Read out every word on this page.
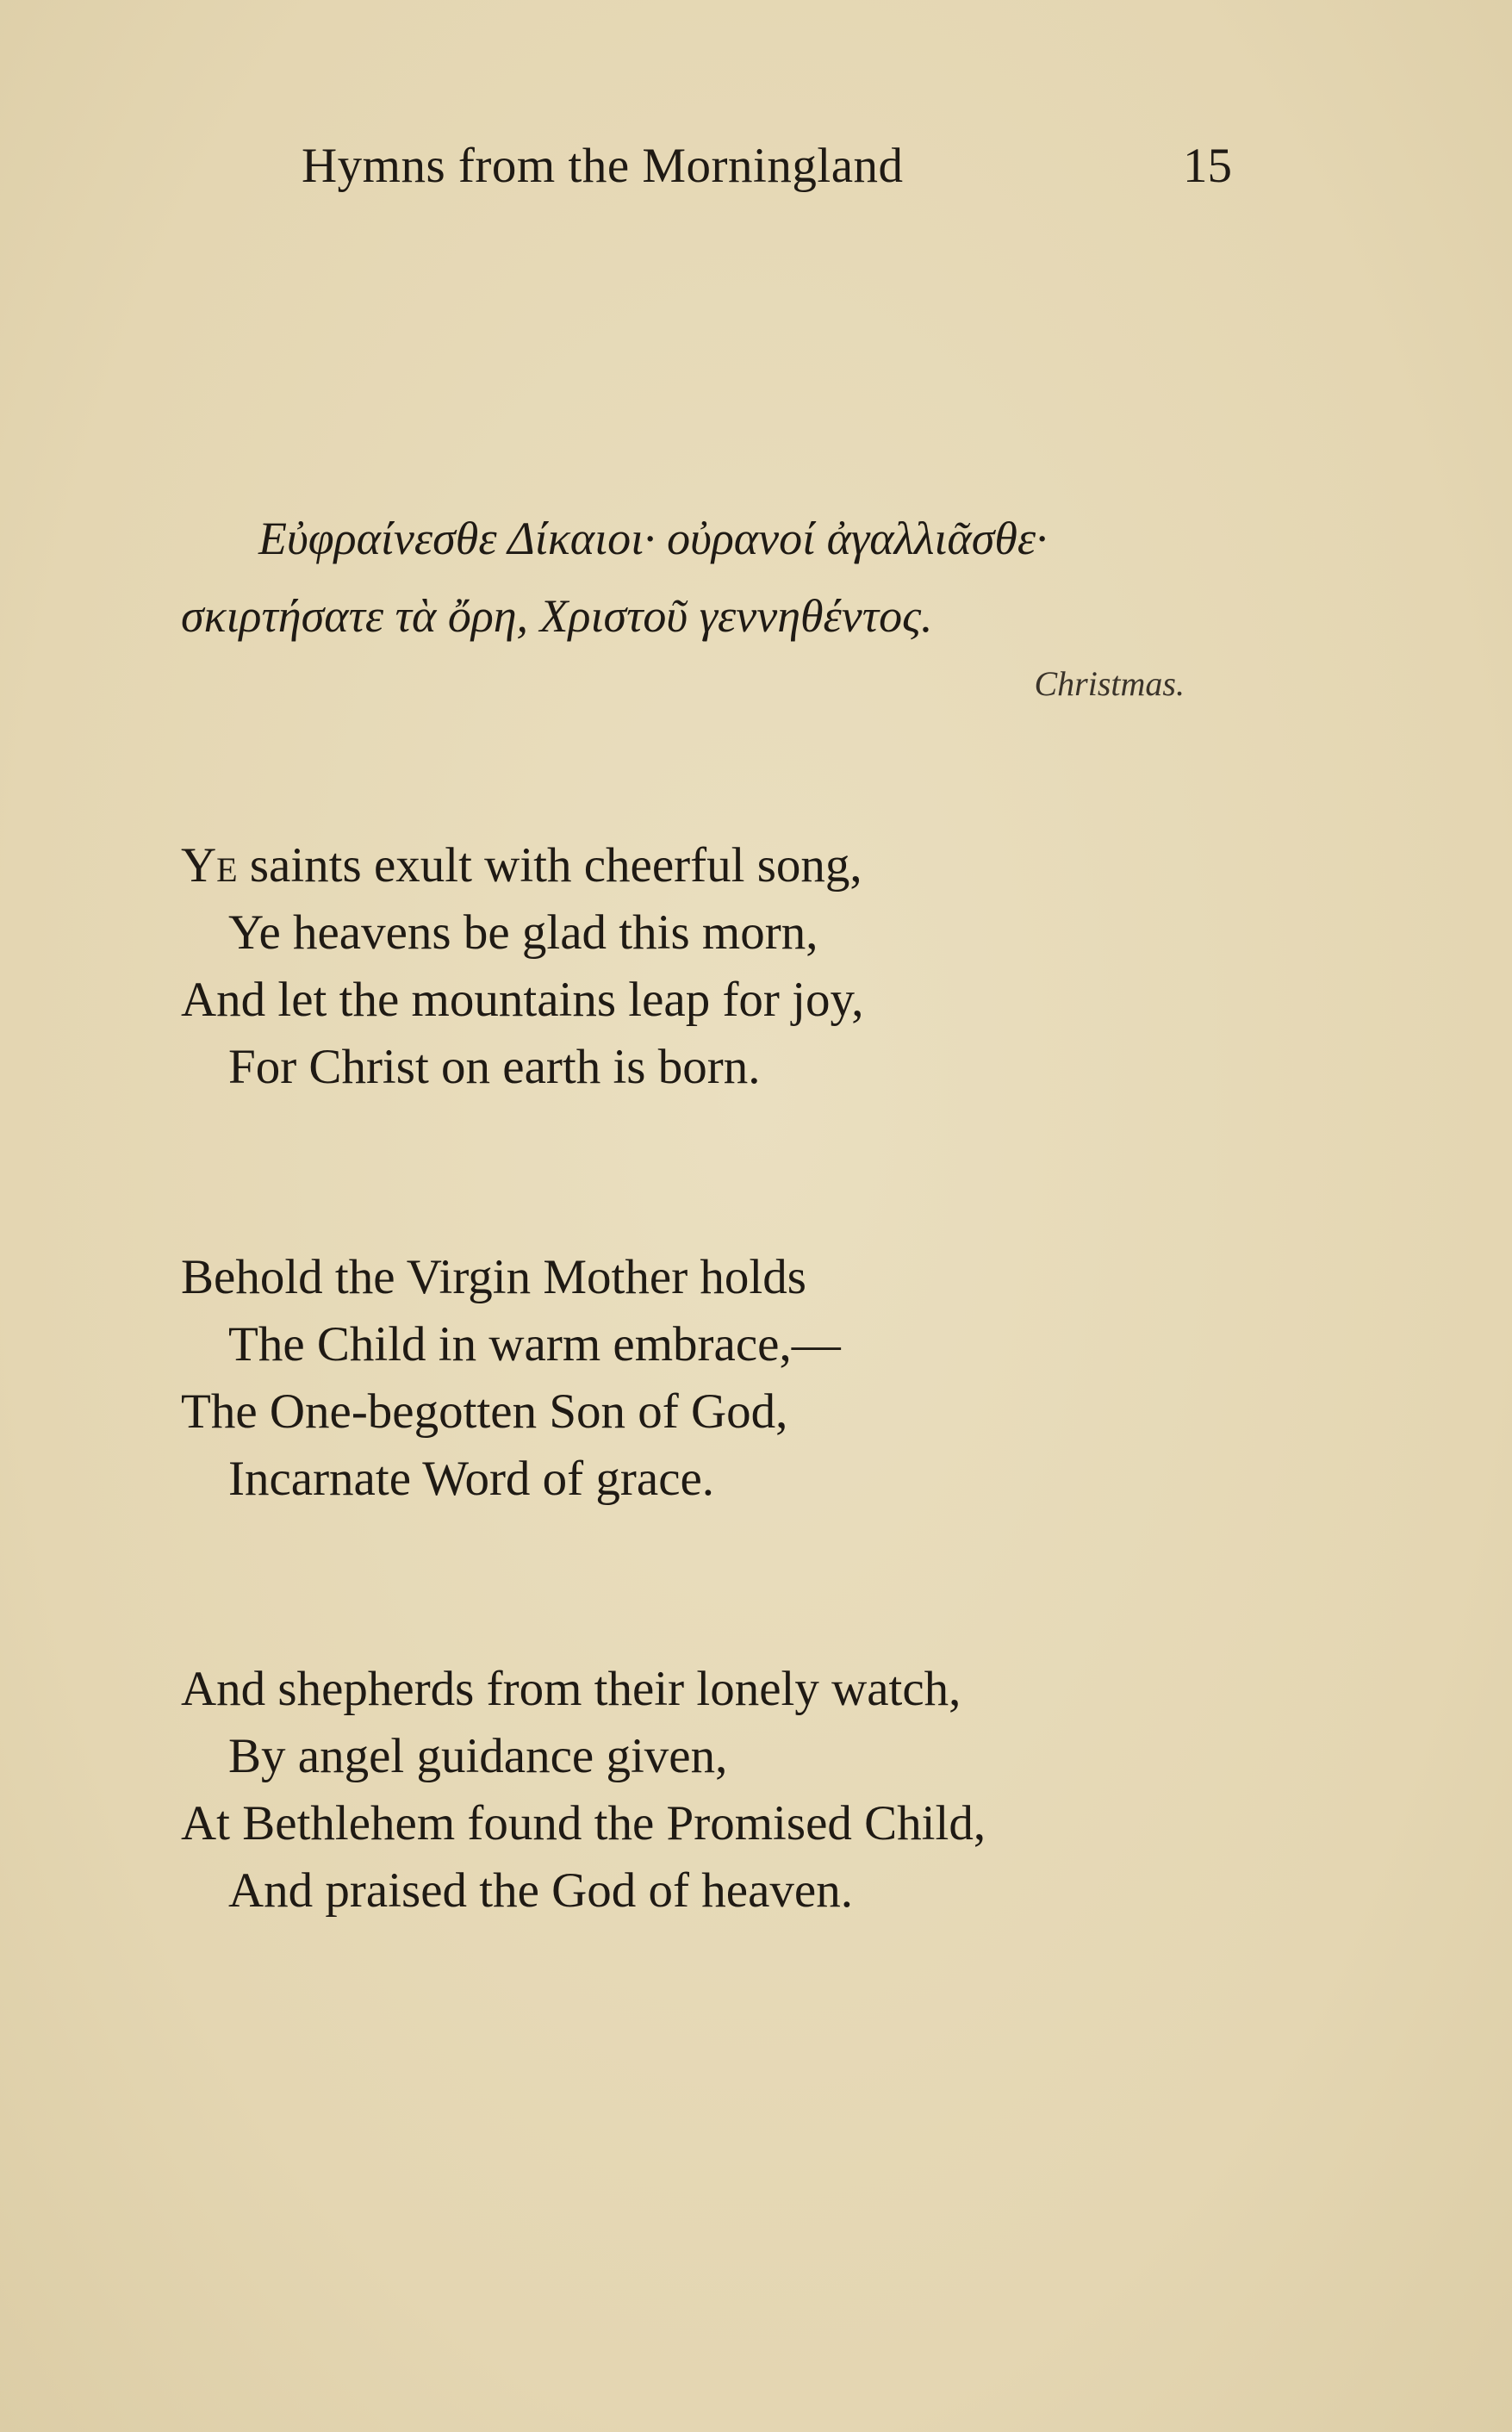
Hymns from the Morningland	15
Εὐφραίνεσθε Δίκαιοι· οὐρανοί ἀγαλλιᾶσθε·
σκιρτήσατε τὰ ὄρη, Χριστοῦ γεννηθέντος.
Christmas.
Ye saints exult with cheerful song,
Ye heavens be glad this morn,
And let the mountains leap for joy,
For Christ on earth is born.
Behold the Virgin Mother holds
The Child in warm embrace,—
The One-begotten Son of God,
Incarnate Word of grace.
And shepherds from their lonely watch,
By angel guidance given,
At Bethlehem found the Promised Child,
And praised the God of heaven.
